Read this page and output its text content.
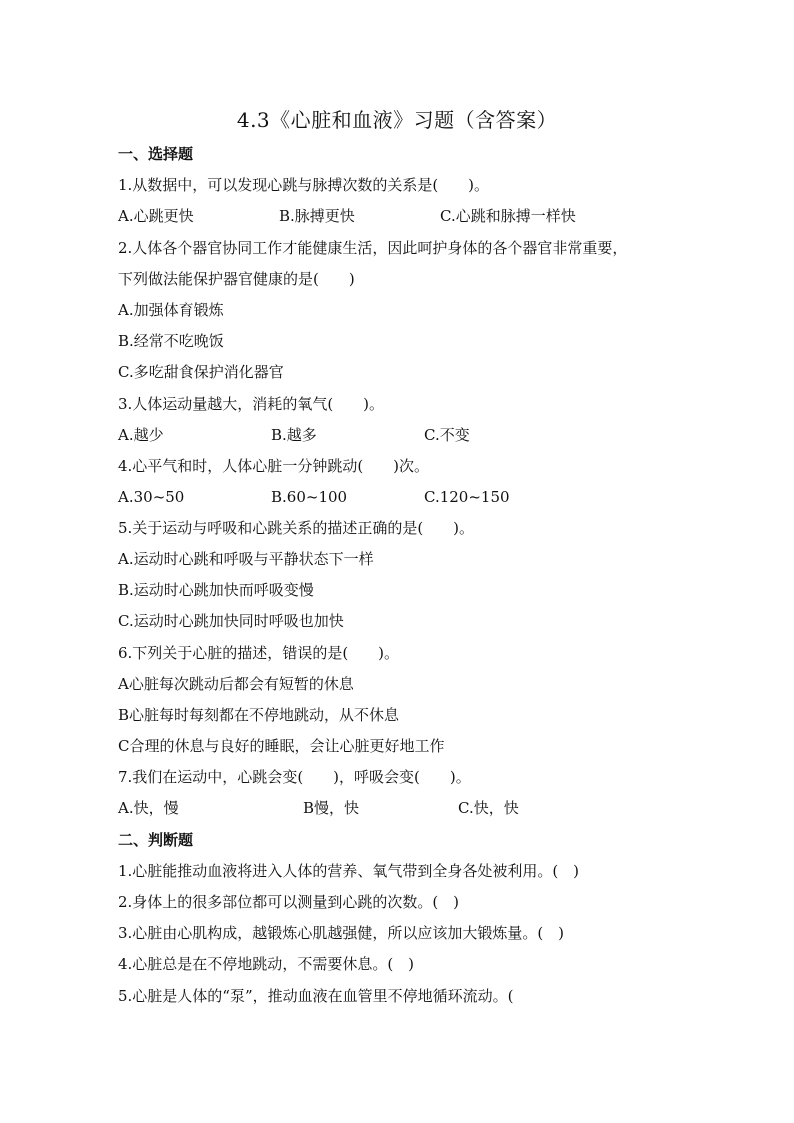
4.3《心脏和血液》习题（含答案）
一、选择题
1.从数据中，可以发现心跳与脉搏次数的关系是(　　)。
A.心跳更快	B.脉搏更快	C.心跳和脉搏一样快
2.人体各个器官协同工作才能健康生活，因此呵护身体的各个器官非常重要，
下列做法能保护器官健康的是(　　)
A.加强体育锻炼
B.经常不吃晚饭
C.多吃甜食保护消化器官
3.人体运动量越大，消耗的氧气(　　)。
A.越少	B.越多	C.不变
4.心平气和时，人体心脏一分钟跳动(　　)次。
A.30~50	B.60~100	C.120~150
5.关于运动与呼吸和心跳关系的描述正确的是(　　)。
A.运动时心跳和呼吸与平静状态下一样
B.运动时心跳加快而呼吸变慢
C.运动时心跳加快同时呼吸也加快
6.下列关于心脏的描述，错误的是(　　)。
A心脏每次跳动后都会有短暂的休息
B心脏每时每刻都在不停地跳动，从不休息
C合理的休息与良好的睡眠，会让心脏更好地工作
7.我们在运动中，心跳会变(　　)，呼吸会变(　　)。
A.快，慢	B慢，快	C.快，快
二、判断题
1.心脏能推动血液将进入人体的营养、氧气带到全身各处被利用。(　)
2.身体上的很多部位都可以测量到心跳的次数。(　)
3.心脏由心肌构成，越锻炼心肌越强健，所以应该加大锻炼量。(　)
4.心脏总是在不停地跳动，不需要休息。(　)
5.心脏是人体的“泵”，推动血液在血管里不停地循环流动。(
